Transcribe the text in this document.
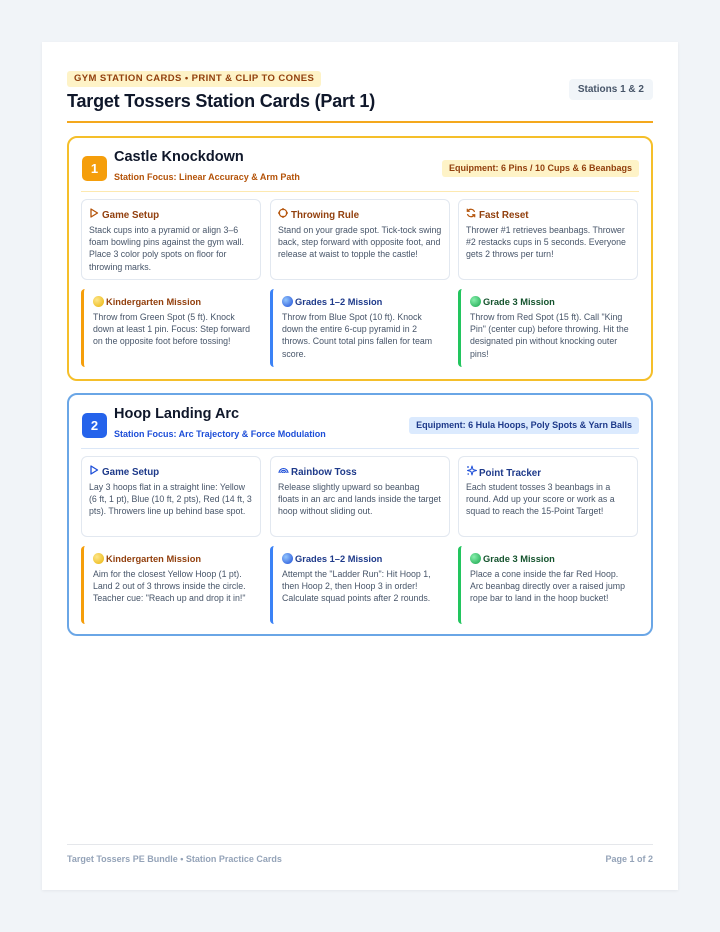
GYM STATION CARDS • PRINT & CLIP TO CONES
Target Tossers Station Cards (Part 1)
Stations 1 & 2
1
Castle Knockdown
Station Focus: Linear Accuracy & Arm Path
Equipment: 6 Pins / 10 Cups & 6 Beanbags
Game Setup
Stack cups into a pyramid or align 3–6 foam bowling pins against the gym wall. Place 3 color poly spots on floor for throwing marks.
Throwing Rule
Stand on your grade spot. Tick-tock swing back, step forward with opposite foot, and release at waist to topple the castle!
Fast Reset
Thrower #1 retrieves beanbags. Thrower #2 restacks cups in 5 seconds. Everyone gets 2 throws per turn!
Kindergarten Mission
Throw from Green Spot (5 ft). Knock down at least 1 pin. Focus: Step forward on the opposite foot before tossing!
Grades 1–2 Mission
Throw from Blue Spot (10 ft). Knock down the entire 6-cup pyramid in 2 throws. Count total pins fallen for team score.
Grade 3 Mission
Throw from Red Spot (15 ft). Call "King Pin" (center cup) before throwing. Hit the designated pin without knocking outer pins!
2
Hoop Landing Arc
Station Focus: Arc Trajectory & Force Modulation
Equipment: 6 Hula Hoops, Poly Spots & Yarn Balls
Game Setup
Lay 3 hoops flat in a straight line: Yellow (6 ft, 1 pt), Blue (10 ft, 2 pts), Red (14 ft, 3 pts). Throwers line up behind base spot.
Rainbow Toss
Release slightly upward so beanbag floats in an arc and lands inside the target hoop without sliding out.
Point Tracker
Each student tosses 3 beanbags in a round. Add up your score or work as a squad to reach the 15-Point Target!
Kindergarten Mission
Aim for the closest Yellow Hoop (1 pt). Land 2 out of 3 throws inside the circle. Teacher cue: "Reach up and drop it in!"
Grades 1–2 Mission
Attempt the "Ladder Run": Hit Hoop 1, then Hoop 2, then Hoop 3 in order! Calculate squad points after 2 rounds.
Grade 3 Mission
Place a cone inside the far Red Hoop. Arc beanbag directly over a raised jump rope bar to land in the hoop bucket!
Target Tossers PE Bundle • Station Practice Cards	Page 1 of 2
